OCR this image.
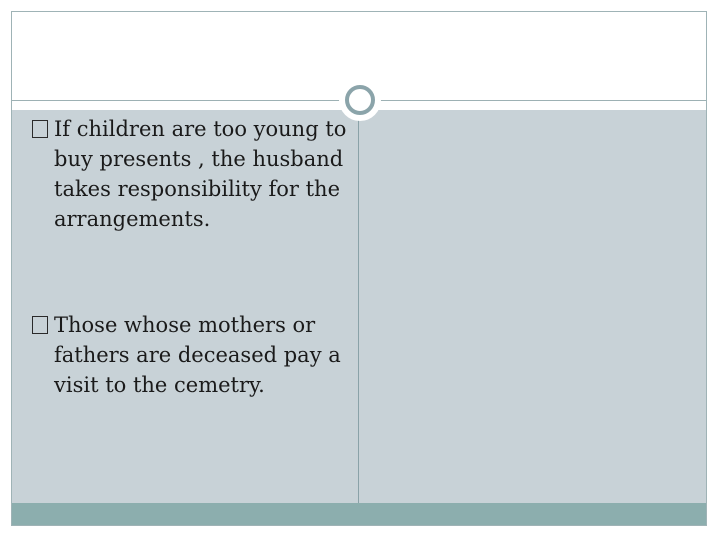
If children are too young to buy presents , the husband takes responsibility for the arrangements.
Those whose mothers or fathers are deceased pay a visit to the cemetry.
